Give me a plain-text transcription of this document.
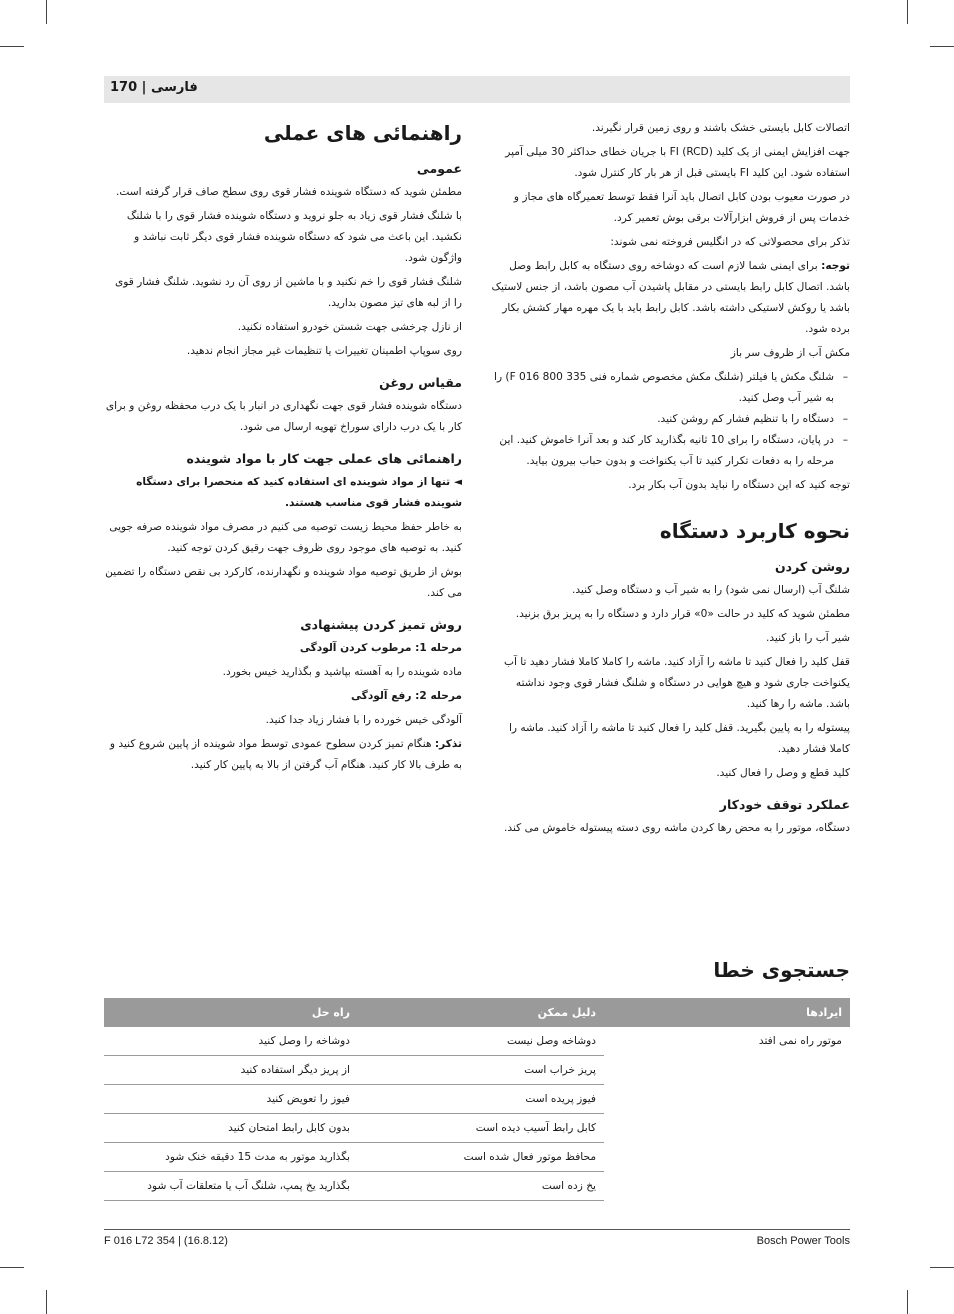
170 | فارسی
راهنمائی های عملی
عمومی

مطمئن شوید که دستگاه شوینده فشار قوی روی سطح صاف قرار گرفته است.

با شلنگ فشار قوی زیاد به جلو نروید و دستگاه شوینده فشار قوی را با شلنگ نکشید. این باعث می شود که دستگاه شوینده فشار قوی دیگر ثابت نباشد و واژگون شود.

شلنگ فشار قوی را خم نکنید و با ماشین از روی آن رد نشوید. شلنگ فشار قوی را از لبه های تیز مصون بدارید.

از نازل چرخشی جهت شستن خودرو استفاده نکنید.

روی سوپاپ اطمینان تغییرات یا تنظیمات غیر مجاز انجام ندهید.

مقیاس روغن

دستگاه شوینده فشار قوی جهت نگهداری در انبار با یک درب محفظه روغن و برای کار با یک درب دارای سوراخ تهویه ارسال می شود.

راهنمائی های عملی جهت کار با مواد شوینده

◄ تنها از مواد شوینده ای استفاده کنید که منحصرا برای دستگاه شوینده فشار قوی مناسب هستند.

به خاطر حفظ محیط زیست توصیه می کنیم در مصرف مواد شوینده صرفه جویی کنید. به توصیه های موجود روی ظروف جهت رقیق کردن توجه کنید.

بوش از طریق توصیه مواد شوینده و نگهدارنده، کارکرد بی نقص دستگاه را تضمین می کند.

روش تمیز کردن پیشنهادی

مرحله 1: مرطوب کردن آلودگی

ماده شوینده را به آهسته بپاشید و بگذارید خیس بخورد.

مرحله 2: رفع آلودگی

آلودگی خیس خورده را با فشار زیاد جدا کنید.

تذکر: هنگام تمیز کردن سطوح عمودی توسط مواد شوینده از پایین شروع کنید و به طرف بالا کار کنید. هنگام آب گرفتن از بالا به پایین کار کنید.

اتصالات کابل بایستی خشک باشند و روی زمین قرار نگیرند.

جهت افزایش ایمنی از یک کلید FI (RCD) با جریان خطای حداکثر 30 میلی آمپر استفاده شود. این کلید FI بایستی قبل از هر بار کار کنترل شود.

در صورت معیوب بودن کابل اتصال باید آنرا فقط توسط تعمیرگاه های مجاز و خدمات پس از فروش ابزارآلات برقی بوش تعمیر کرد.

تذکر برای محصولاتی که در انگلیس فروخته نمی شوند:

توجه: برای ایمنی شما لازم است که دوشاخه روی دستگاه به کابل رابط وصل باشد. اتصال کابل رابط بایستی در مقابل پاشیدن آب مصون باشد، از جنس لاستیک باشد یا روکش لاستیکی داشته باشد. کابل رابط باید با یک مهره مهار کشش بکار برده شود.

مکش آب از ظروف سر باز

– شلنگ مکش یا فیلتر (شلنگ مکش مخصوص شماره فنی F 016 800 335) را به شیر آب وصل کنید.
– دستگاه را با تنظیم فشار کم روشن کنید.
– در پایان، دستگاه را برای 10 ثانیه بگذارید کار کند و بعد آنرا خاموش کنید. این مرحله را به دفعات تکرار کنید تا آب یکنواخت و بدون حباب بیرون بیاید.

توجه کنید که این دستگاه را نباید بدون آب بکار برد.

نحوه کاربرد دستگاه
روشن کردن

شلنگ آب (ارسال نمی شود) را به شیر آب و دستگاه وصل کنید.

مطمئن شوید که کلید در حالت «0» قرار دارد و دستگاه را به پریز برق بزنید.

شیر آب را باز کنید.

قفل کلید را فعال کنید تا ماشه را آزاد کنید. ماشه را کاملا کاملا فشار دهید تا آب یکنواخت جاری شود و هیچ هوایی در دستگاه و شلنگ فشار قوی وجود نداشته باشد. ماشه را رها کنید.

پیستوله را به پایین بگیرید. قفل کلید را فعال کنید تا ماشه را آزاد کنید. ماشه را کاملا فشار دهید.

کلید قطع و وصل را فعال کنید.

عملکرد توقف خودکار

دستگاه، موتور را به محض رها کردن ماشه روی دسته پیستوله خاموش می کند.

جستجوی خطا
ایرادها	دلیل ممکن	راه حل
موتور راه نمی افتد	دوشاخه وصل نیست	دوشاخه را وصل کنید
	پریز خراب است	از پریز دیگر استفاده کنید
	فیوز پریده است	فیوز را تعویض کنید
	کابل رابط آسیب دیده است	بدون کابل رابط امتحان کنید
	محافظ موتور فعال شده است	بگذارید موتور به مدت 15 دقیقه خنک شود
	یخ زده است	بگذارید یخ پمپ، شلنگ آب یا متعلقات آب شود
F 016 L72 354 | (16.8.12)	Bosch Power Tools
